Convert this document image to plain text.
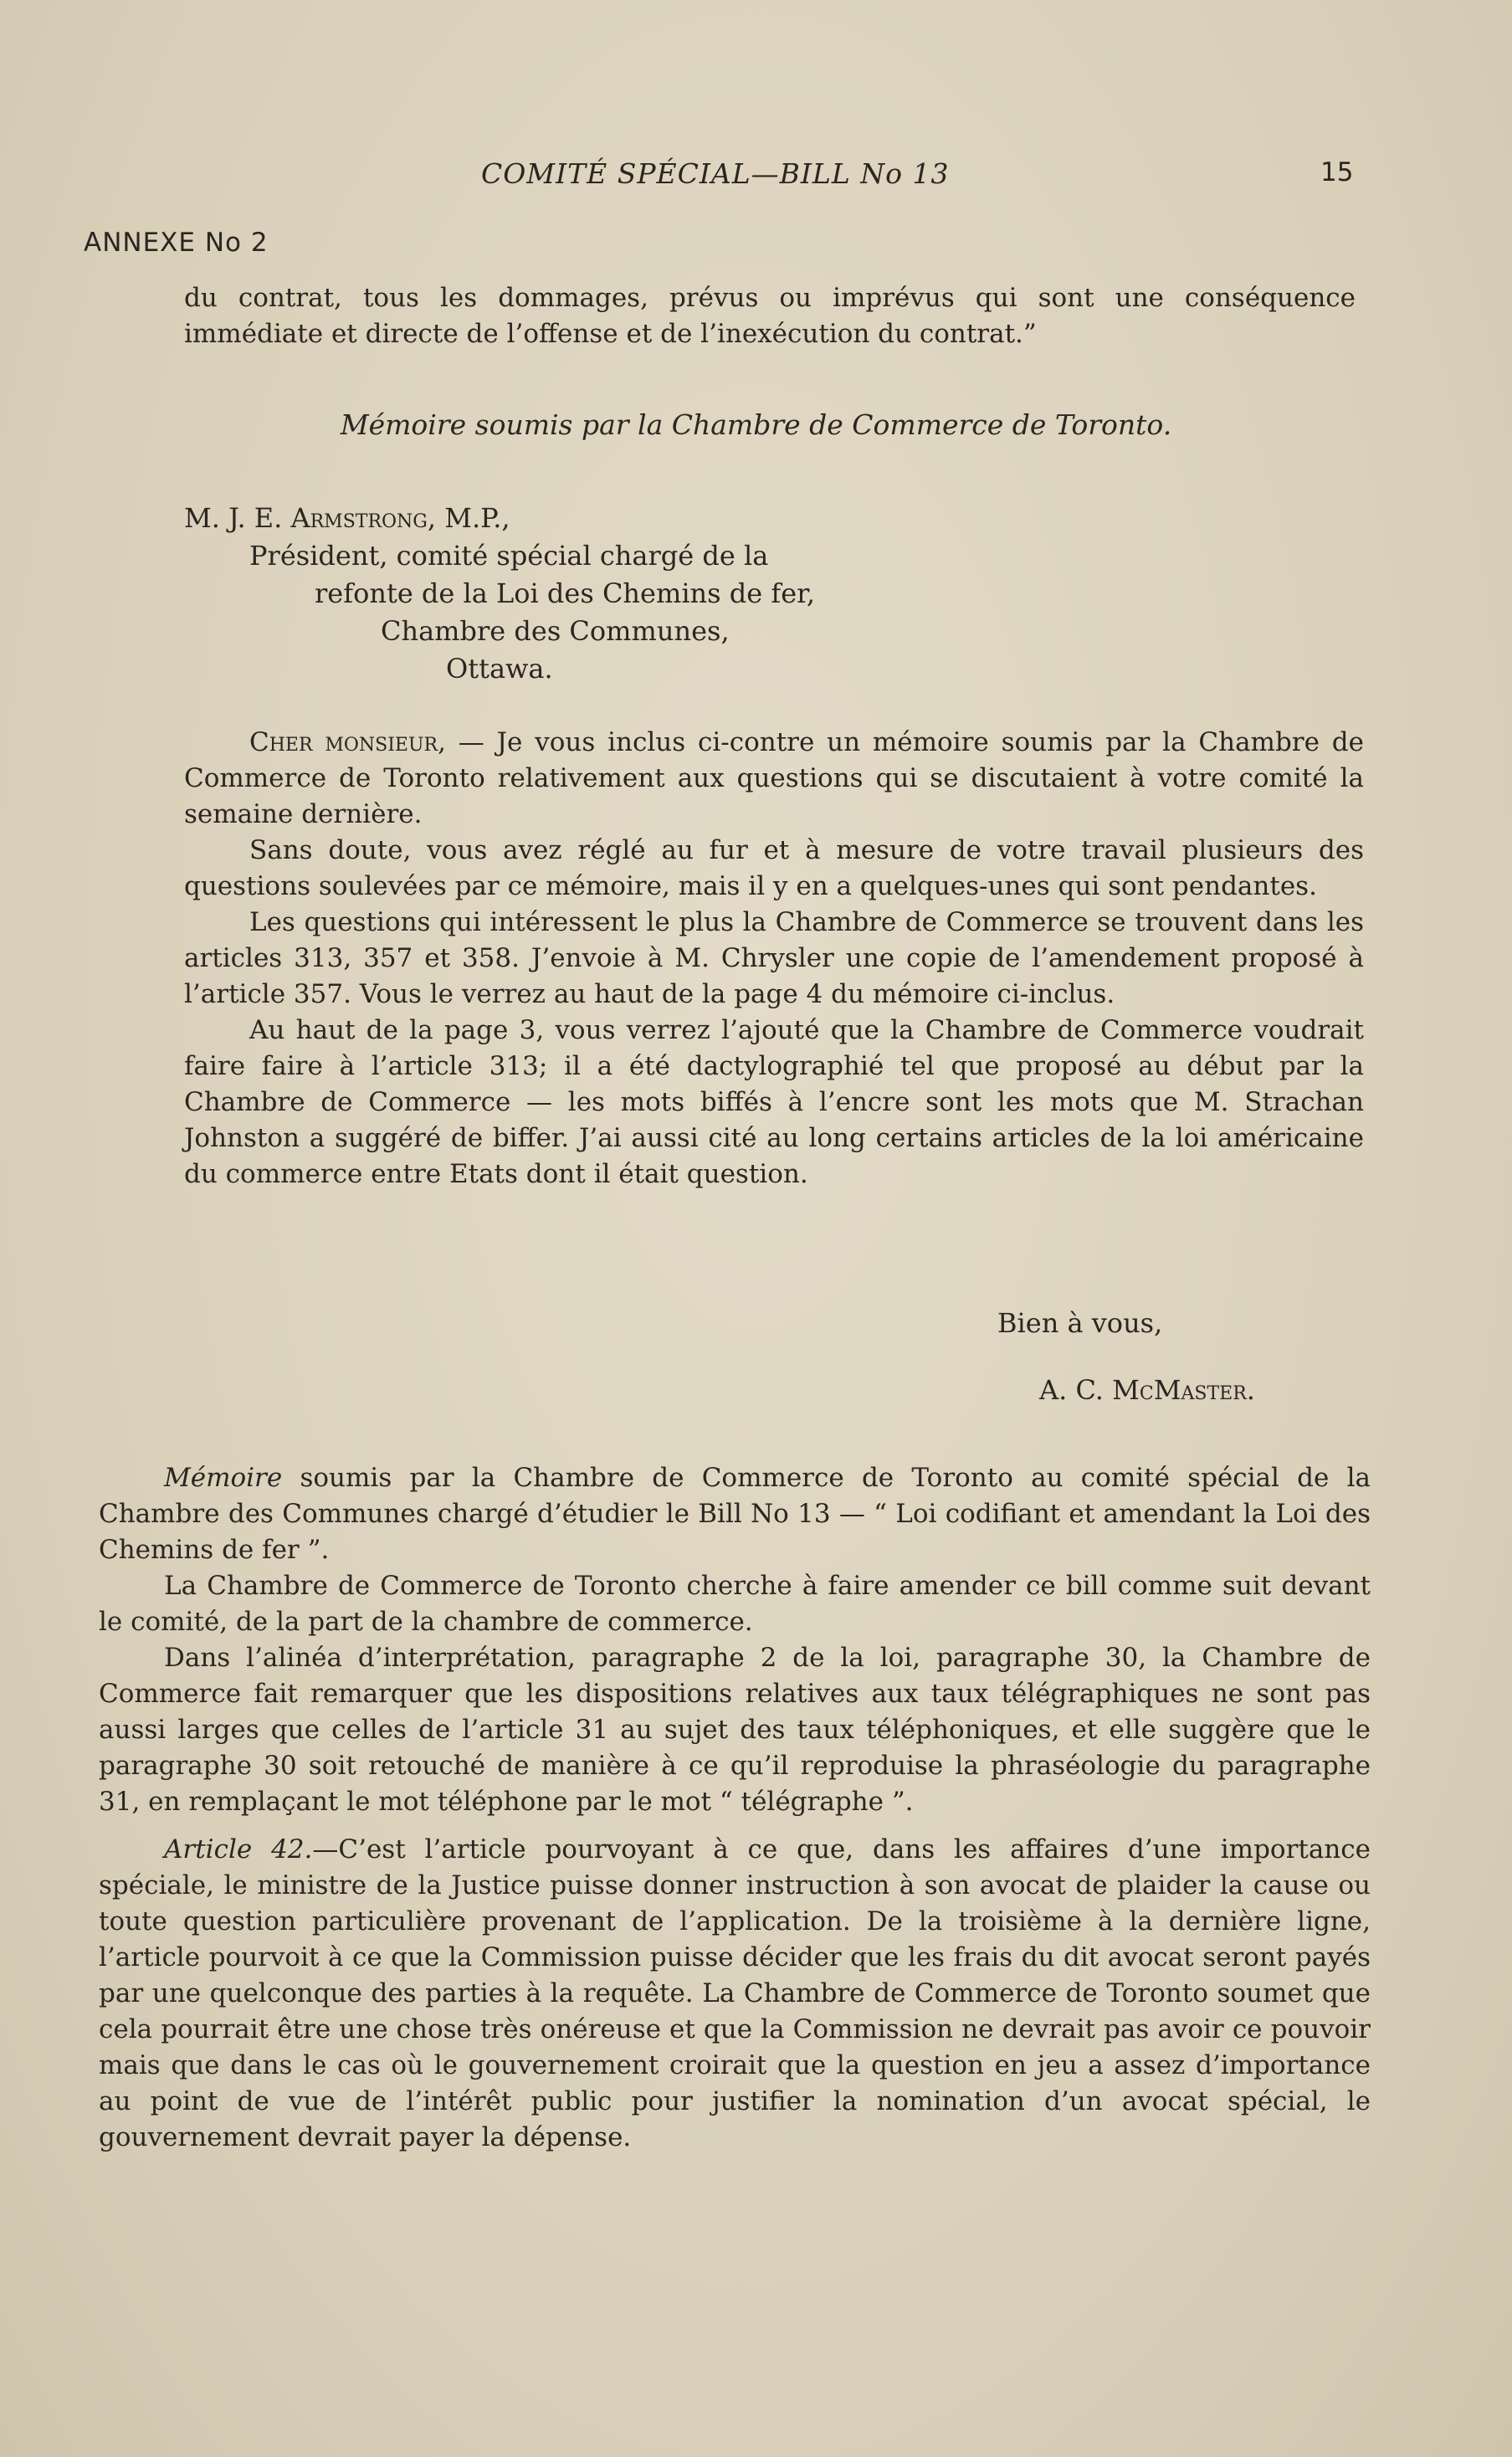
COMITÉ SPÉCIAL—BILL No 13	15
ANNEXE No 2

du contrat, tous les dommages, prévus ou imprévus qui sont une conséquence immédiate et directe de l’offense et de l’inexécution du contrat.”

Mémoire soumis par la Chambre de Commerce de Toronto.
M. J. E. Armstrong, M.P.,
Président, comité spécial chargé de la
refonte de la Loi des Chemins de fer,
Chambre des Communes,
Ottawa.

Cher monsieur, — Je vous inclus ci-contre un mémoire soumis par la Chambre de Commerce de Toronto relativement aux questions qui se discutaient à votre comité la semaine dernière.

Sans doute, vous avez réglé au fur et à mesure de votre travail plusieurs des questions soulevées par ce mémoire, mais il y en a quelques-unes qui sont pendantes.

Les questions qui intéressent le plus la Chambre de Commerce se trouvent dans les articles 313, 357 et 358. J’envoie à M. Chrysler une copie de l’amendement proposé à l’article 357. Vous le verrez au haut de la page 4 du mémoire ci-inclus.

Au haut de la page 3, vous verrez l’ajouté que la Chambre de Commerce voudrait faire faire à l’article 313; il a été dactylographié tel que proposé au début par la Chambre de Commerce — les mots biffés à l’encre sont les mots que M. Strachan Johnston a suggéré de biffer. J’ai aussi cité au long certains articles de la loi américaine du commerce entre Etats dont il était question.

Bien à vous,
A. C. McMaster.

Mémoire soumis par la Chambre de Commerce de Toronto au comité spécial de la Chambre des Communes chargé d’étudier le Bill No 13 — “ Loi codifiant et amendant la Loi des Chemins de fer ”.

La Chambre de Commerce de Toronto cherche à faire amender ce bill comme suit devant le comité, de la part de la chambre de commerce.

Dans l’alinéa d’interprétation, paragraphe 2 de la loi, paragraphe 30, la Chambre de Commerce fait remarquer que les dispositions relatives aux taux télégraphiques ne sont pas aussi larges que celles de l’article 31 au sujet des taux téléphoniques, et elle suggère que le paragraphe 30 soit retouché de manière à ce qu’il reproduise la phraséologie du paragraphe 31, en remplaçant le mot téléphone par le mot “ télégraphe ”.

Article 42.—C’est l’article pourvoyant à ce que, dans les affaires d’une importance spéciale, le ministre de la Justice puisse donner instruction à son avocat de plaider la cause ou toute question particulière provenant de l’application. De la troisième à la dernière ligne, l’article pourvoit à ce que la Commission puisse décider que les frais du dit avocat seront payés par une quelconque des parties à la requête. La Chambre de Commerce de Toronto soumet que cela pourrait être une chose très onéreuse et que la Commission ne devrait pas avoir ce pouvoir mais que dans le cas où le gouvernement croirait que la question en jeu a assez d’importance au point de vue de l’intérêt public pour justifier la nomination d’un avocat spécial, le gouvernement devrait payer la dépense.
